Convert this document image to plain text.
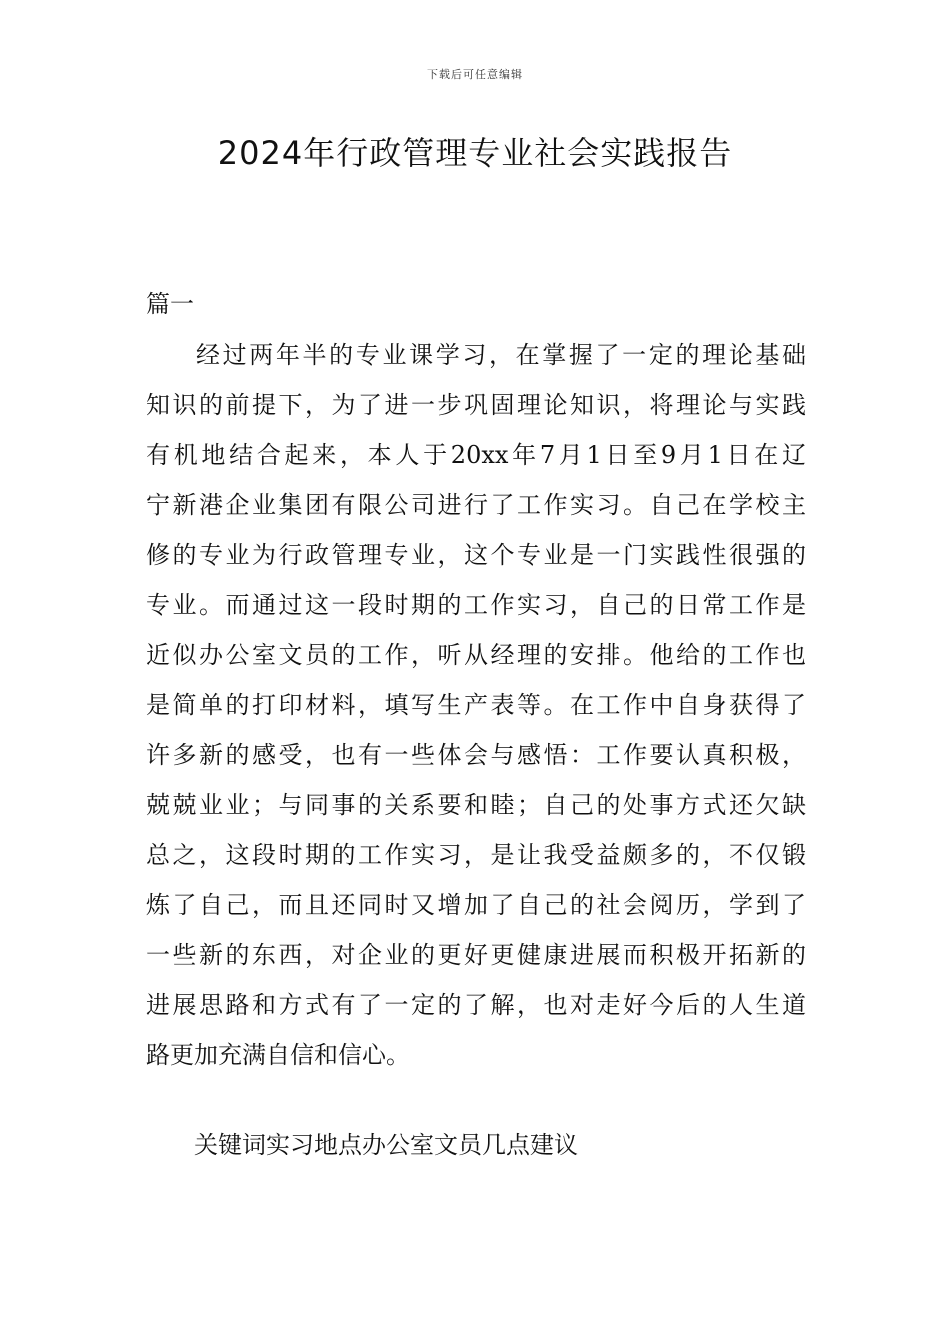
下载后可任意编辑
2024年行政管理专业社会实践报告
篇一
经过两年半的专业课学习，在掌握了一定的理论基础
知识的前提下，为了进一步巩固理论知识，将理论与实践
有机地结合起来，本人于20xx年7月1日至9月1日在辽
宁新港企业集团有限公司进行了工作实习。自己在学校主
修的专业为行政管理专业，这个专业是一门实践性很强的
专业。而通过这一段时期的工作实习，自己的日常工作是
近似办公室文员的工作，听从经理的安排。他给的工作也
是简单的打印材料，填写生产表等。在工作中自身获得了
许多新的感受，也有一些体会与感悟：工作要认真积极，
兢兢业业；与同事的关系要和睦；自己的处事方式还欠缺
总之，这段时期的工作实习，是让我受益颇多的，不仅锻
炼了自己，而且还同时又增加了自己的社会阅历，学到了
一些新的东西，对企业的更好更健康进展而积极开拓新的
进展思路和方式有了一定的了解，也对走好今后的人生道
路更加充满自信和信心。
关键词实习地点办公室文员几点建议
